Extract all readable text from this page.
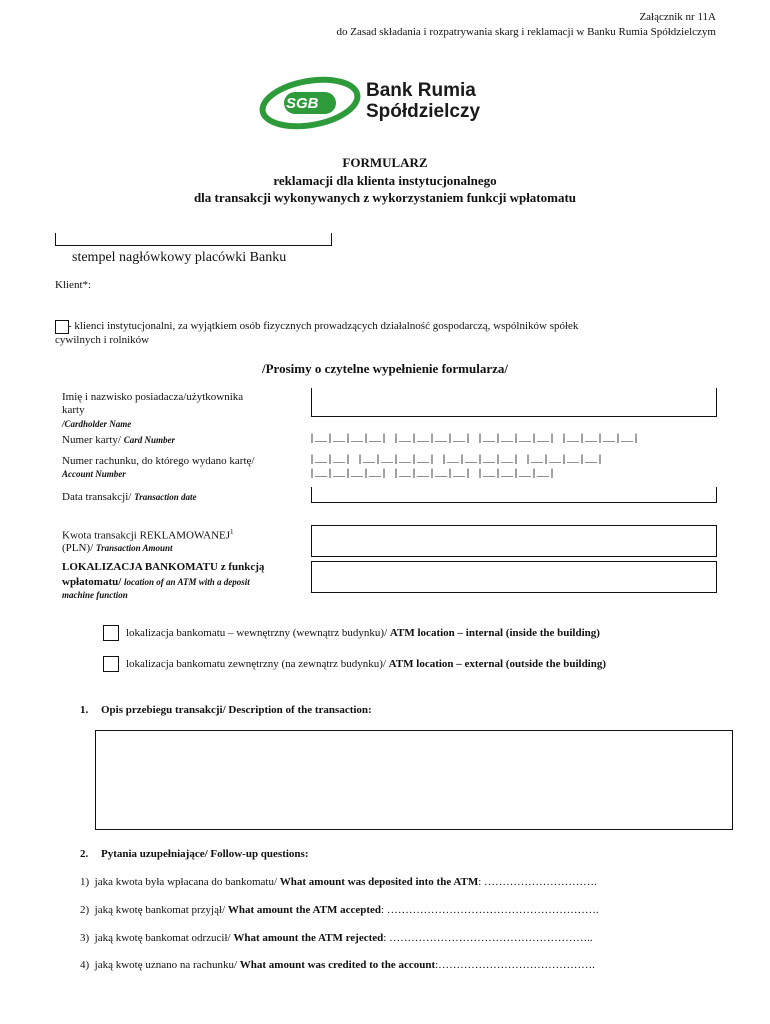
Załącznik nr 11A
do Zasad składania i rozpatrywania skarg i reklamacji w Banku Rumia Spółdzielczym
SGB
Bank Rumia
Spółdzielczy
FORMULARZ
reklamacji dla klienta instytucjonalnego
dla transakcji wykonywanych z wykorzystaniem funkcji wpłatomatu
stempel nagłówkowy placówki Banku
Klient*:
- klienci instytucjonalni, za wyjątkiem osób fizycznych prowadzących działalność gospodarczą, wspólników spółek
cywilnych i rolników
/Prosimy o czytelne wypełnienie formularza/
Imię i nazwisko posiadacza/użytkownika
karty
/Cardholder Name
Numer karty/ Card Number	|__|__|__|__| |__|__|__|__| |__|__|__|__| |__|__|__|__|
Numer rachunku, do którego wydano kartę/
Account Number
|__|__| |__|__|__|__| |__|__|__|__| |__|__|__|__|
|__|__|__|__| |__|__|__|__| |__|__|__|__|
Data transakcji/ Transaction date
Kwota transakcji REKLAMOWANEJ$^1$
(PLN)/ Transaction Amount
LOKALIZACJA BANKOMATU z funkcją
wpłatomatu/ location of an ATM with a deposit
machine function
lokalizacja bankomatu – wewnętrzny (wewnątrz budynku)/ ATM location – internal (inside the building)
lokalizacja bankomatu zewnętrzny (na zewnątrz budynku)/ ATM location – external (outside the building)
1. Opis przebiegu transakcji/ Description of the transaction:
2. Pytania uzupełniające/ Follow-up questions:
1) jaka kwota była wpłacana do bankomatu/ What amount was deposited into the ATM: ………………………….
2) jaką kwotę bankomat przyjął/ What amount the ATM accepted: ………………………………………………….
3) jaką kwotę bankomat odrzucił/ What amount the ATM rejected: ………………………………………………..
4) jaką kwotę uznano na rachunku/ What amount was credited to the account:…………………………………….
